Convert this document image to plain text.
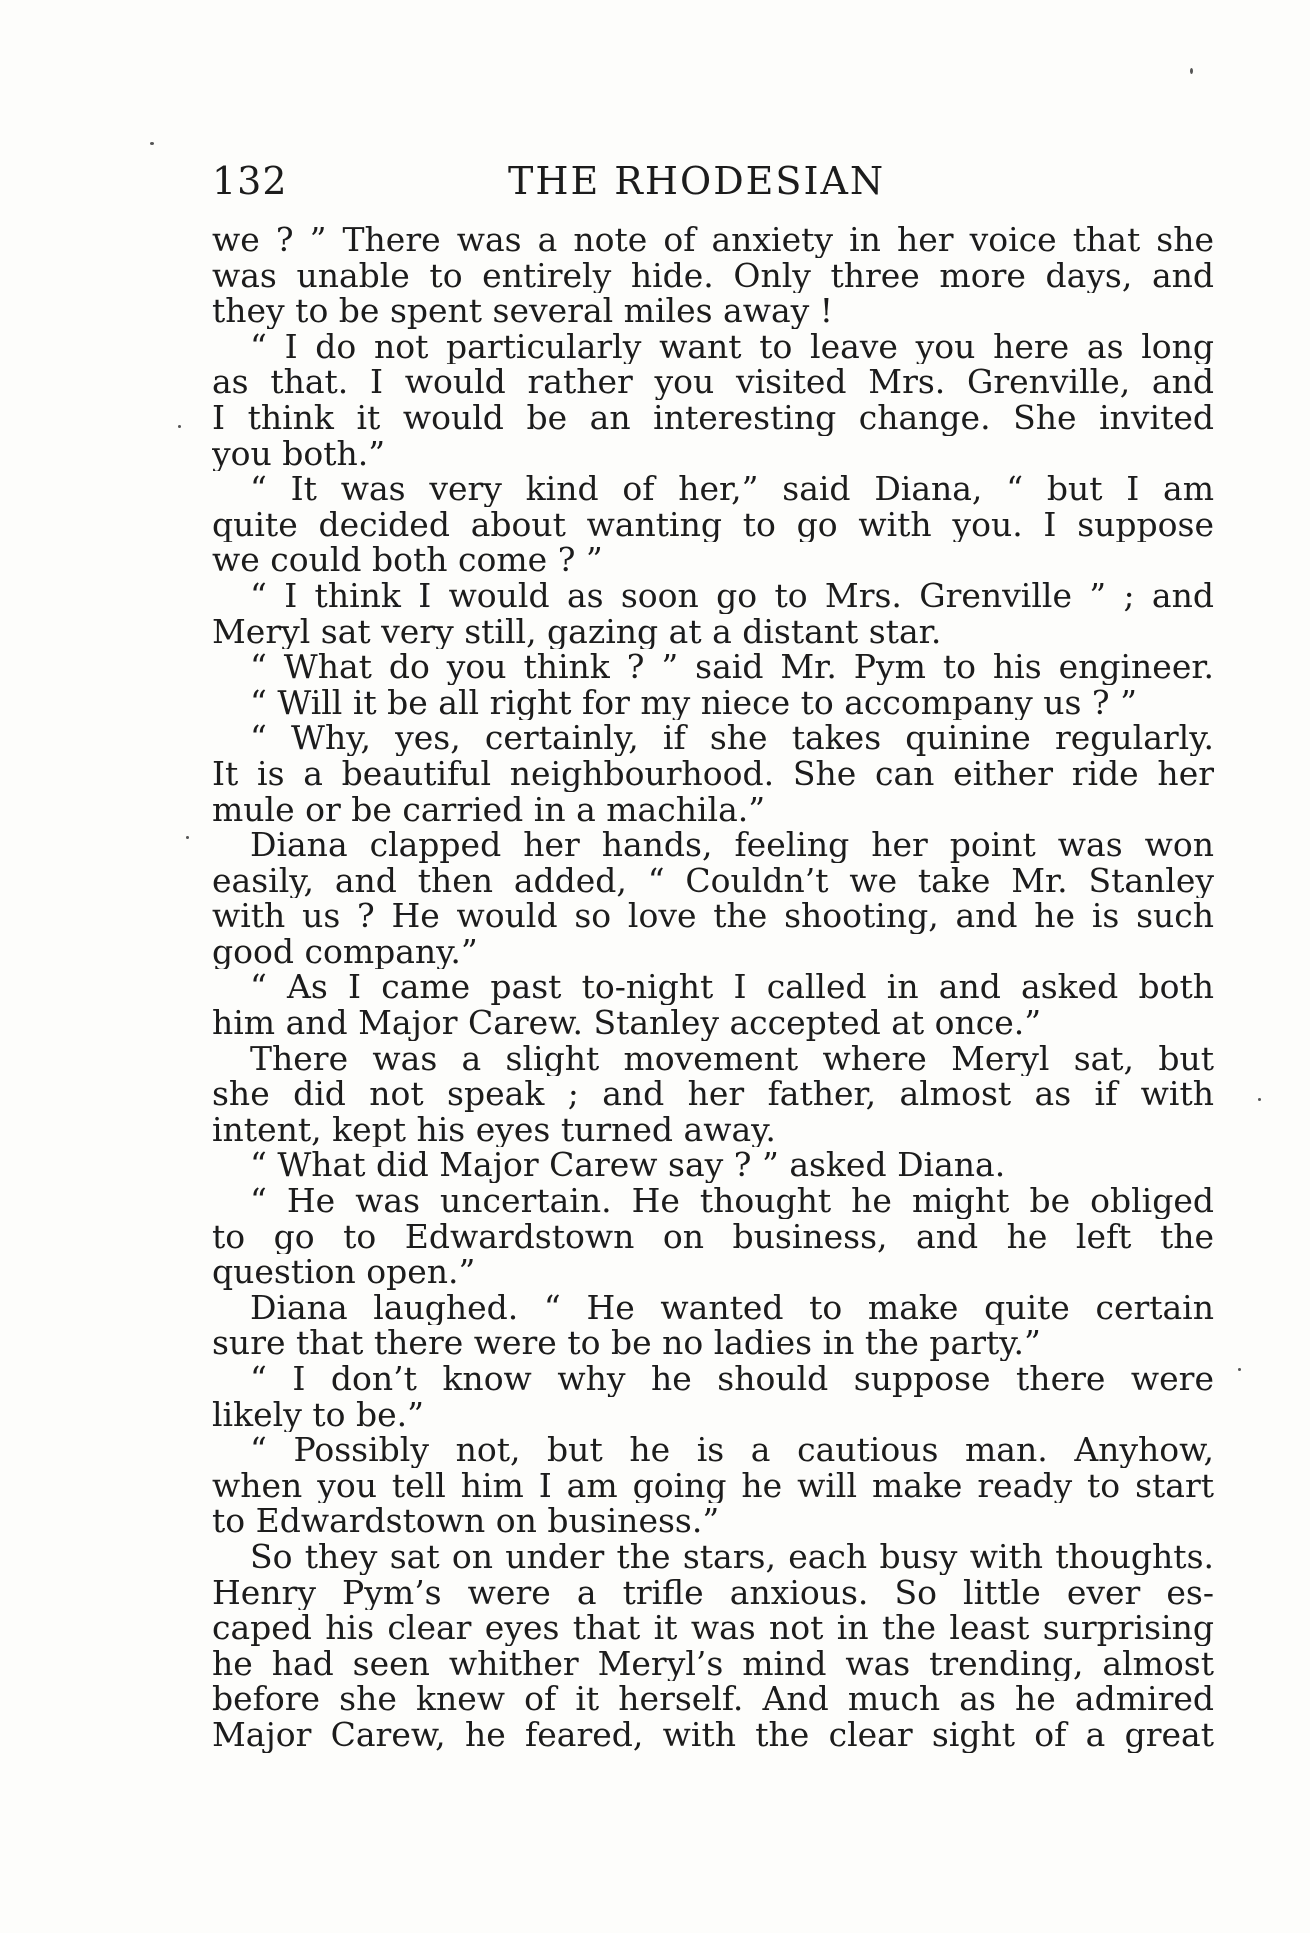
132	THE RHODESIAN
we ? ” There was a note of anxiety in her voice that she
was unable to entirely hide. Only three more days, and
they to be spent several miles away !
“ I do not particularly want to leave you here as long
as that. I would rather you visited Mrs. Grenville, and
I think it would be an interesting change. She invited
you both.”
“ It was very kind of her,” said Diana, “ but I am
quite decided about wanting to go with you. I suppose
we could both come ? ”
“ I think I would as soon go to Mrs. Grenville ” ; and
Meryl sat very still, gazing at a distant star.
“ What do you think ? ” said Mr. Pym to his engineer.
“ Will it be all right for my niece to accompany us ? ”
“ Why, yes, certainly, if she takes quinine regularly.
It is a beautiful neighbourhood. She can either ride her
mule or be carried in a machila.”
Diana clapped her hands, feeling her point was won
easily, and then added, “ Couldn’t we take Mr. Stanley
with us ? He would so love the shooting, and he is such
good company.”
“ As I came past to-night I called in and asked both
him and Major Carew. Stanley accepted at once.”
There was a slight movement where Meryl sat, but
she did not speak ; and her father, almost as if with
intent, kept his eyes turned away.
“ What did Major Carew say ? ” asked Diana.
“ He was uncertain. He thought he might be obliged
to go to Edwardstown on business, and he left the
question open.”
Diana laughed. “ He wanted to make quite certain
sure that there were to be no ladies in the party.”
“ I don’t know why he should suppose there were
likely to be.”
“ Possibly not, but he is a cautious man. Anyhow,
when you tell him I am going he will make ready to start
to Edwardstown on business.”
So they sat on under the stars, each busy with thoughts.
Henry Pym’s were a trifle anxious. So little ever es-
caped his clear eyes that it was not in the least surprising
he had seen whither Meryl’s mind was trending, almost
before she knew of it herself. And much as he admired
Major Carew, he feared, with the clear sight of a great
